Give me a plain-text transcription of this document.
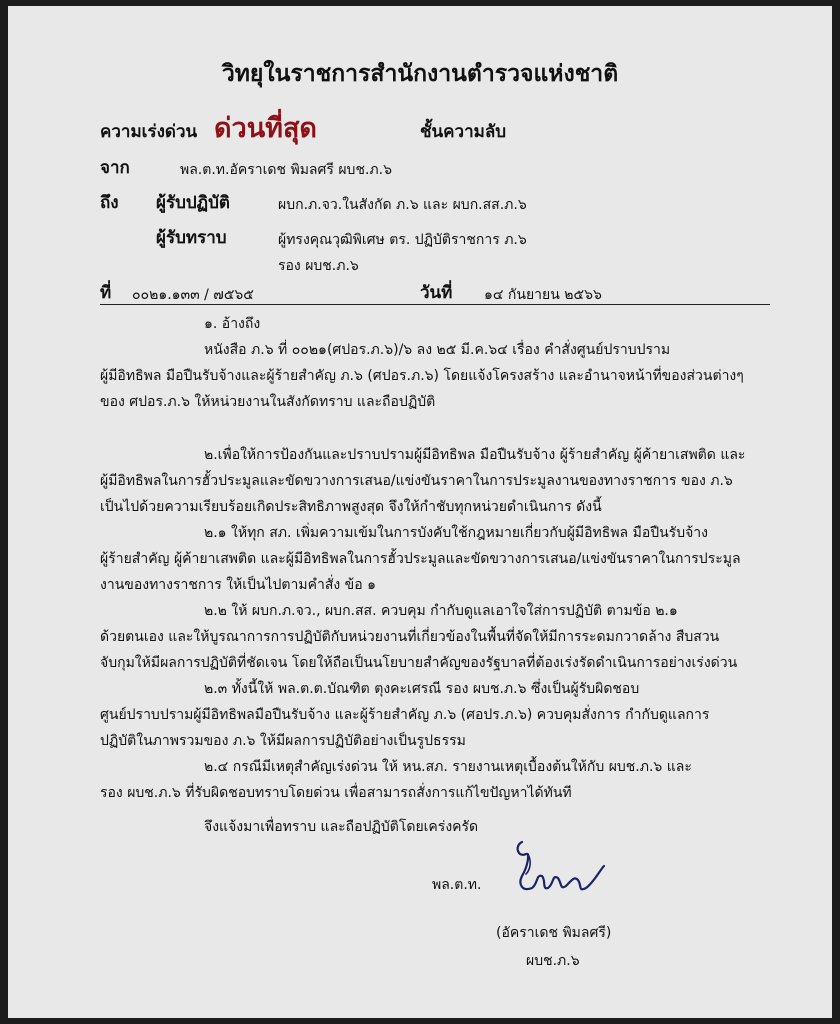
วิทยุในราชการสำนักงานตำรวจแห่งชาติ
ความเร่งด่วน ด่วนที่สุด	ชั้นความลับ
จาก	พล.ต.ท.อัคราเดช พิมลศรี ผบช.ภ.๖
ถึง ผู้รับปฏิบัติ	ผบก.ภ.จว.ในสังกัด ภ.๖ และ ผบก.สส.ภ.๖
ผู้รับทราบ	ผู้ทรงคุณวุฒิพิเศษ ตร. ปฏิบัติราชการ ภ.๖
รอง ผบช.ภ.๖
ที่ ๐๐๒๑.๑๓๓ / ๗๕๖๕	วันที่ ๑๔ กันยายน ๒๕๖๖
๑. อ้างถึง
หนังสือ ภ.๖ ที่ ๐๐๒๑(ศปอร.ภ.๖)/๖ ลง ๒๕ มี.ค.๖๔ เรื่อง คำสั่งศูนย์ปราบปราม
ผู้มีอิทธิพล มือปืนรับจ้างและผู้ร้ายสำคัญ ภ.๖ (ศปอร.ภ.๖) โดยแจ้งโครงสร้าง และอำนาจหน้าที่ของส่วนต่างๆ
ของ ศปอร.ภ.๖ ให้หน่วยงานในสังกัดทราบ และถือปฏิบัติ
๒.เพื่อให้การป้องกันและปราบปรามผู้มีอิทธิพล มือปืนรับจ้าง ผู้ร้ายสำคัญ ผู้ค้ายาเสพติด และ
ผู้มีอิทธิพลในการฮั้วประมูลและขัดขวางการเสนอ/แข่งขันราคาในการประมูลงานของทางราชการ ของ ภ.๖
เป็นไปด้วยความเรียบร้อยเกิดประสิทธิภาพสูงสุด จึงให้กำชับทุกหน่วยดำเนินการ ดังนี้
๒.๑ ให้ทุก สภ. เพิ่มความเข้มในการบังคับใช้กฎหมายเกี่ยวกับผู้มีอิทธิพล มือปืนรับจ้าง
ผู้ร้ายสำคัญ ผู้ค้ายาเสพติด และผู้มีอิทธิพลในการฮั้วประมูลและขัดขวางการเสนอ/แข่งขันราคาในการประมูล
งานของทางราชการ ให้เป็นไปตามคำสั่ง ข้อ ๑
๒.๒ ให้ ผบก.ภ.จว., ผบก.สส. ควบคุม กำกับดูแลเอาใจใส่การปฏิบัติ ตามข้อ ๒.๑
ด้วยตนเอง และให้บูรณาการการปฏิบัติกับหน่วยงานที่เกี่ยวข้องในพื้นที่จัดให้มีการระดมกวาดล้าง สืบสวน
จับกุมให้มีผลการปฏิบัติที่ชัดเจน โดยให้ถือเป็นนโยบายสำคัญของรัฐบาลที่ต้องเร่งรัดดำเนินการอย่างเร่งด่วน
๒.๓ ทั้งนี้ให้ พล.ต.ต.บัณฑิต ตุงคะเศรณี รอง ผบช.ภ.๖ ซึ่งเป็นผู้รับผิดชอบ
ศูนย์ปราบปรามผู้มีอิทธิพลมือปืนรับจ้าง และผู้ร้ายสำคัญ ภ.๖ (ศอปร.ภ.๖) ควบคุมสั่งการ กำกับดูแลการ
ปฏิบัติในภาพรวมของ ภ.๖ ให้มีผลการปฏิบัติอย่างเป็นรูปธรรม
๒.๔ กรณีมีเหตุสำคัญเร่งด่วน ให้ หน.สภ. รายงานเหตุเบื้องต้นให้กับ ผบช.ภ.๖ และ
รอง ผบช.ภ.๖ ที่รับผิดชอบทราบโดยด่วน เพื่อสามารถสั่งการแก้ไขปัญหาได้ทันที
จึงแจ้งมาเพื่อทราบ และถือปฏิบัติโดยเคร่งครัด
พล.ต.ท.
(อัคราเดช พิมลศรี)
ผบช.ภ.๖
